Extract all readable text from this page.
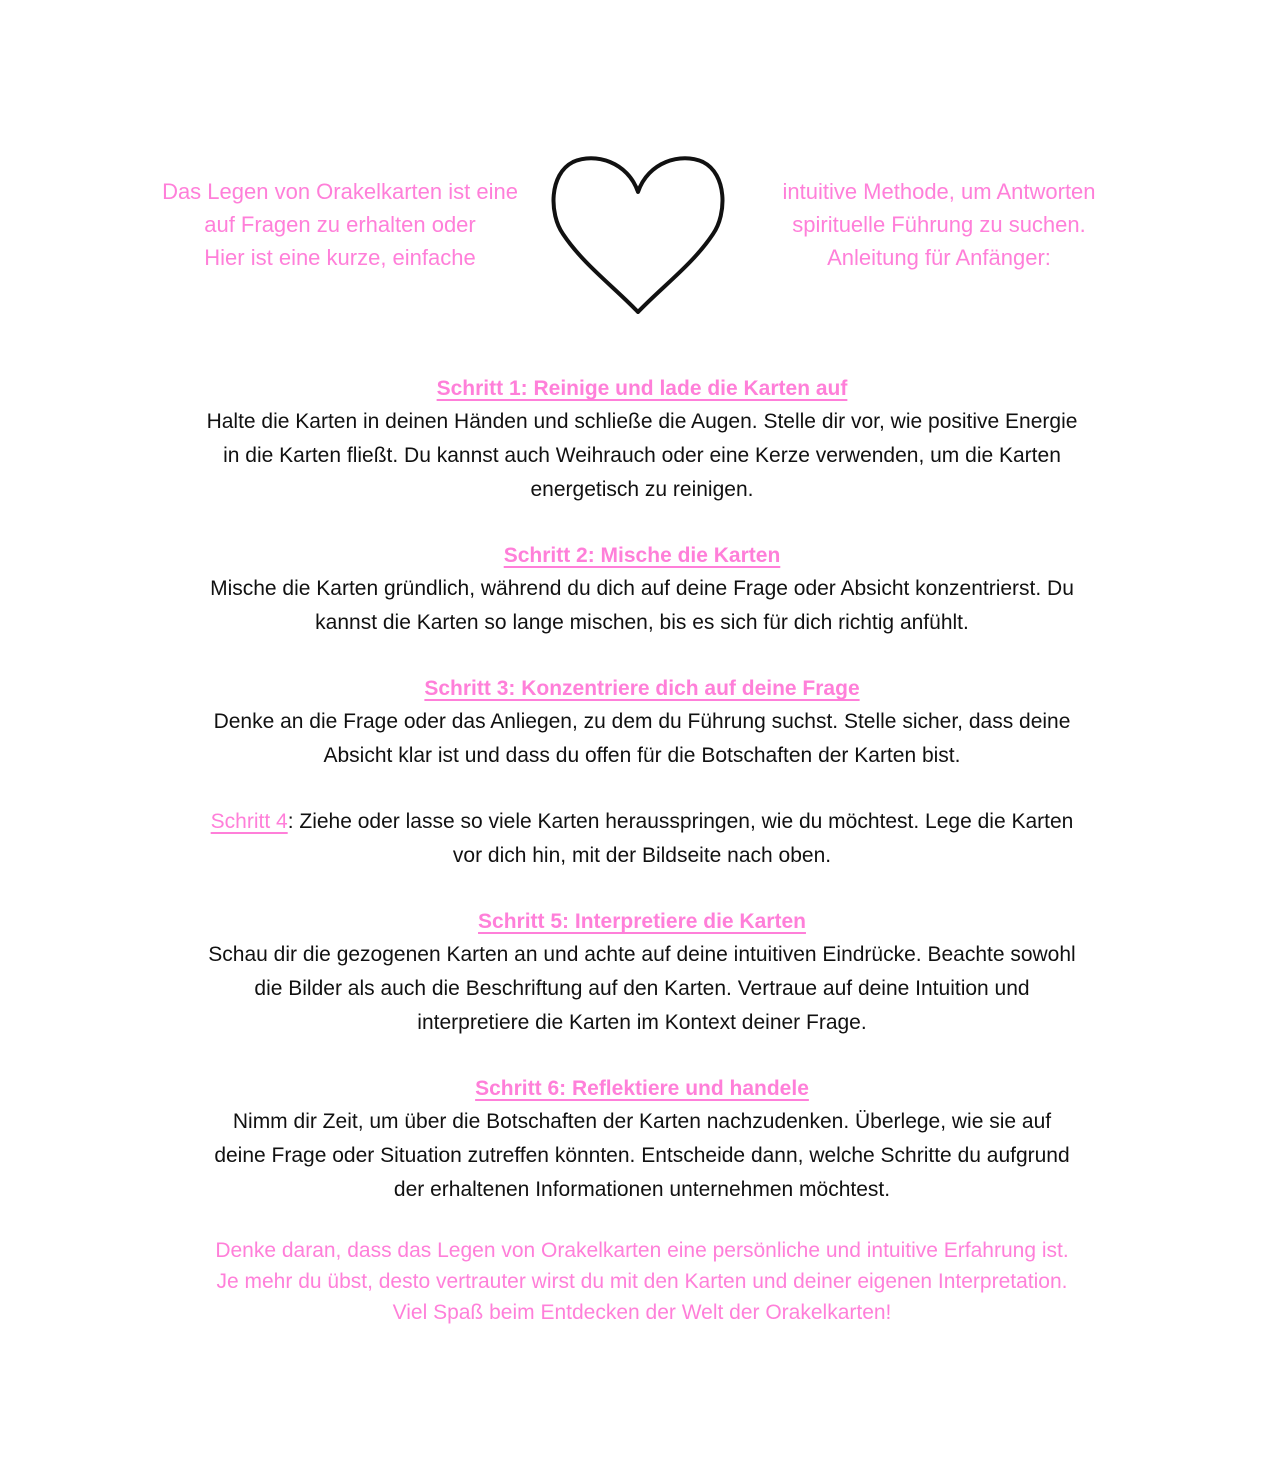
Das Legen von Orakelkarten ist eine
auf Fragen zu erhalten oder
Hier ist eine kurze, einfache
intuitive Methode, um Antworten
spirituelle Führung zu suchen.
Anleitung für Anfänger:
Schritt 1: Reinige und lade die Karten auf
Halte die Karten in deinen Händen und schließe die Augen. Stelle dir vor, wie positive Energie
in die Karten fließt. Du kannst auch Weihrauch oder eine Kerze verwenden, um die Karten
energetisch zu reinigen.
Schritt 2: Mische die Karten
Mische die Karten gründlich, während du dich auf deine Frage oder Absicht konzentrierst. Du
kannst die Karten so lange mischen, bis es sich für dich richtig anfühlt.
Schritt 3: Konzentriere dich auf deine Frage
Denke an die Frage oder das Anliegen, zu dem du Führung suchst. Stelle sicher, dass deine
Absicht klar ist und dass du offen für die Botschaften der Karten bist.
Schritt 4: Ziehe oder lasse so viele Karten herausspringen, wie du möchtest. Lege die Karten
vor dich hin, mit der Bildseite nach oben.
Schritt 5: Interpretiere die Karten
Schau dir die gezogenen Karten an und achte auf deine intuitiven Eindrücke. Beachte sowohl
die Bilder als auch die Beschriftung auf den Karten. Vertraue auf deine Intuition und
interpretiere die Karten im Kontext deiner Frage.
Schritt 6: Reflektiere und handele
Nimm dir Zeit, um über die Botschaften der Karten nachzudenken. Überlege, wie sie auf
deine Frage oder Situation zutreffen könnten. Entscheide dann, welche Schritte du aufgrund
der erhaltenen Informationen unternehmen möchtest.
Denke daran, dass das Legen von Orakelkarten eine persönliche und intuitive Erfahrung ist.
Je mehr du übst, desto vertrauter wirst du mit den Karten und deiner eigenen Interpretation.
Viel Spaß beim Entdecken der Welt der Orakelkarten!
